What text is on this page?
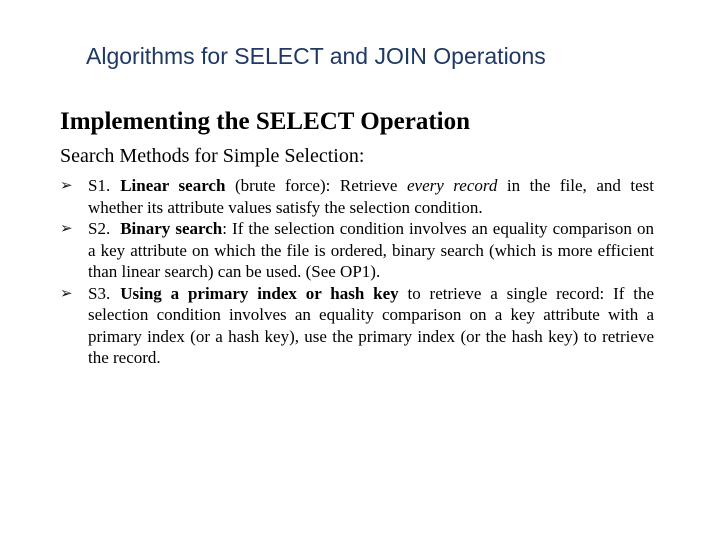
Algorithms for SELECT and JOIN Operations
Implementing the SELECT Operation
Search Methods for Simple Selection:
➢ S1. Linear search (brute force): Retrieve every record in the file, and test whether its attribute values satisfy the selection condition.
➢ S2. Binary search: If the selection condition involves an equality comparison on a key attribute on which the file is ordered, binary search (which is more efficient than linear search) can be used. (See OP1).
➢ S3. Using a primary index or hash key to retrieve a single record: If the selection condition involves an equality comparison on a key attribute with a primary index (or a hash key), use the primary index (or the hash key) to retrieve the record.
